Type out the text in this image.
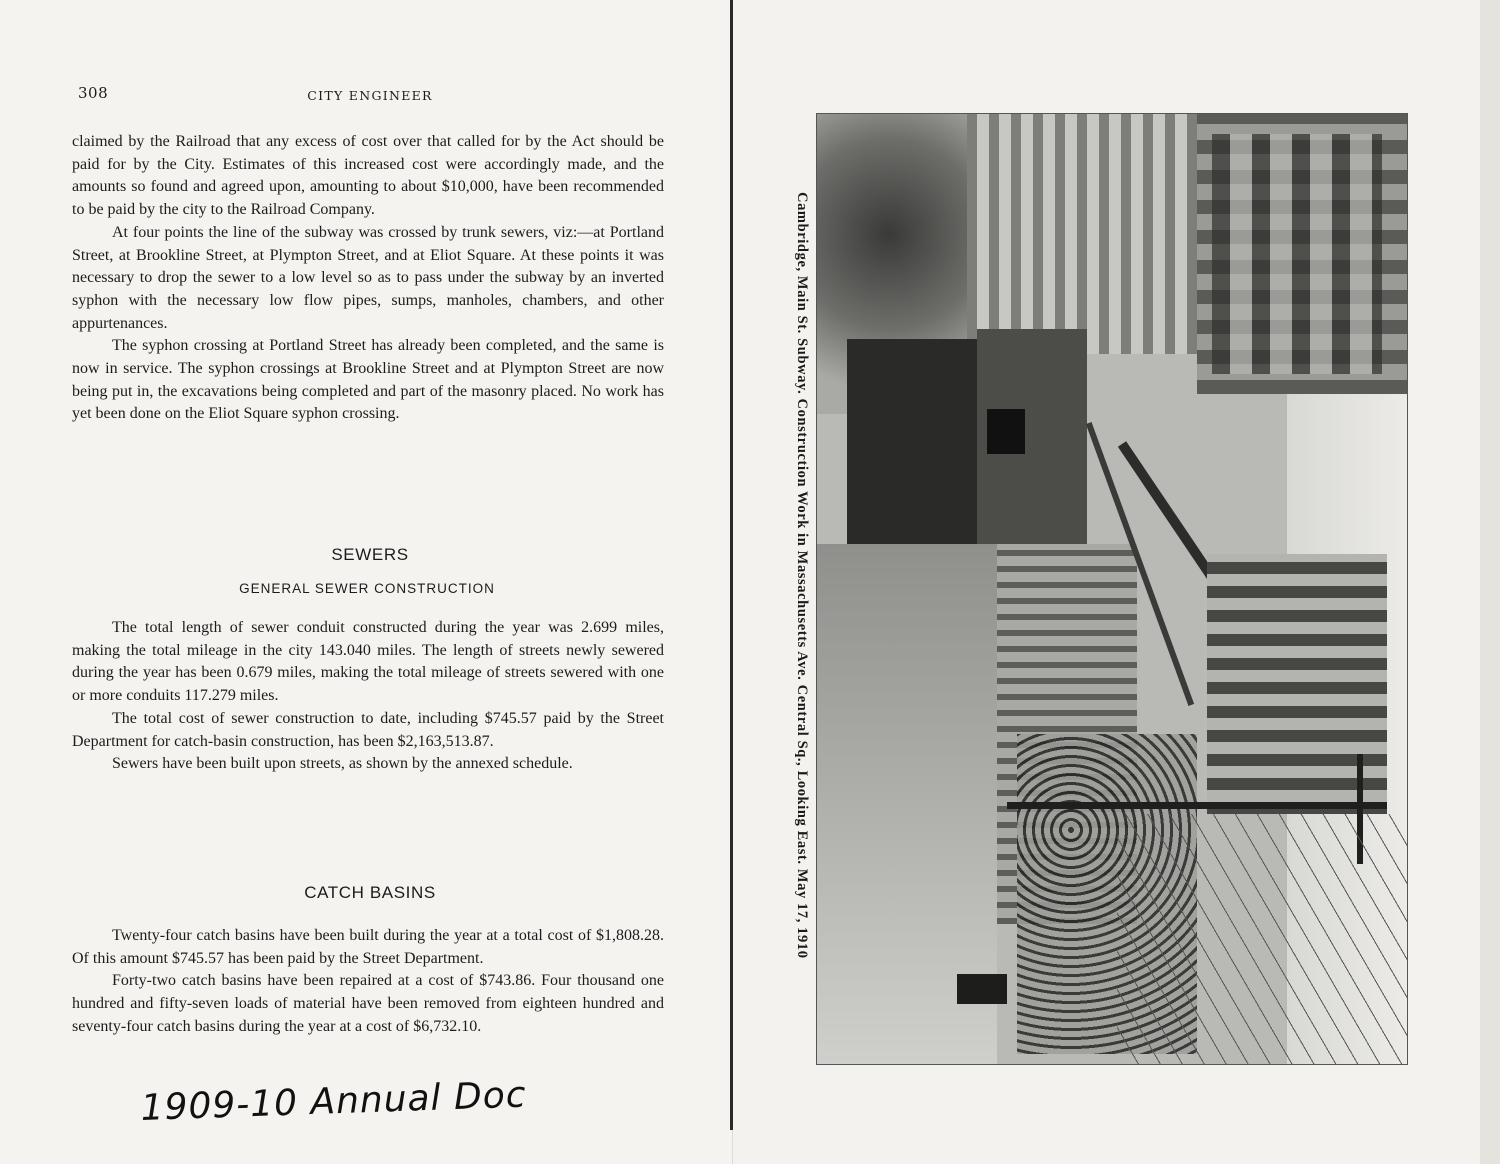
308	CITY ENGINEER

claimed by the Railroad that any excess of cost over that called for by the Act should be paid for by the City. Estimates of this increased cost were accordingly made, and the amounts so found and agreed upon, amounting to about $10,000, have been recommended to be paid by the city to the Railroad Company.

At four points the line of the subway was crossed by trunk sewers, viz:—at Portland Street, at Brookline Street, at Plympton Street, and at Eliot Square. At these points it was necessary to drop the sewer to a low level so as to pass under the subway by an inverted syphon with the necessary low flow pipes, sumps, manholes, chambers, and other appurtenances.

The syphon crossing at Portland Street has already been completed, and the same is now in service. The syphon crossings at Brookline Street and at Plympton Street are now being put in, the excavations being completed and part of the masonry placed. No work has yet been done on the Eliot Square syphon crossing.

SEWERS
GENERAL SEWER CONSTRUCTION

The total length of sewer conduit constructed during the year was 2.699 miles, making the total mileage in the city 143.040 miles. The length of streets newly sewered during the year has been 0.679 miles, making the total mileage of streets sewered with one or more conduits 117.279 miles.

The total cost of sewer construction to date, including $745.57 paid by the Street Department for catch-basin construction, has been $2,163,513.87.

Sewers have been built upon streets, as shown by the annexed schedule.

CATCH BASINS

Twenty-four catch basins have been built during the year at a total cost of $1,808.28. Of this amount $745.57 has been paid by the Street Department.

Forty-two catch basins have been repaired at a cost of $743.86. Four thousand one hundred and fifty-seven loads of material have been removed from eighteen hundred and seventy-four catch basins during the year at a cost of $6,732.10.

1909-10 Annual Doc
Cambridge, Main St. Subway. Construction Work in Massachusetts Ave. Central Sq., Looking East. May 17, 1910
